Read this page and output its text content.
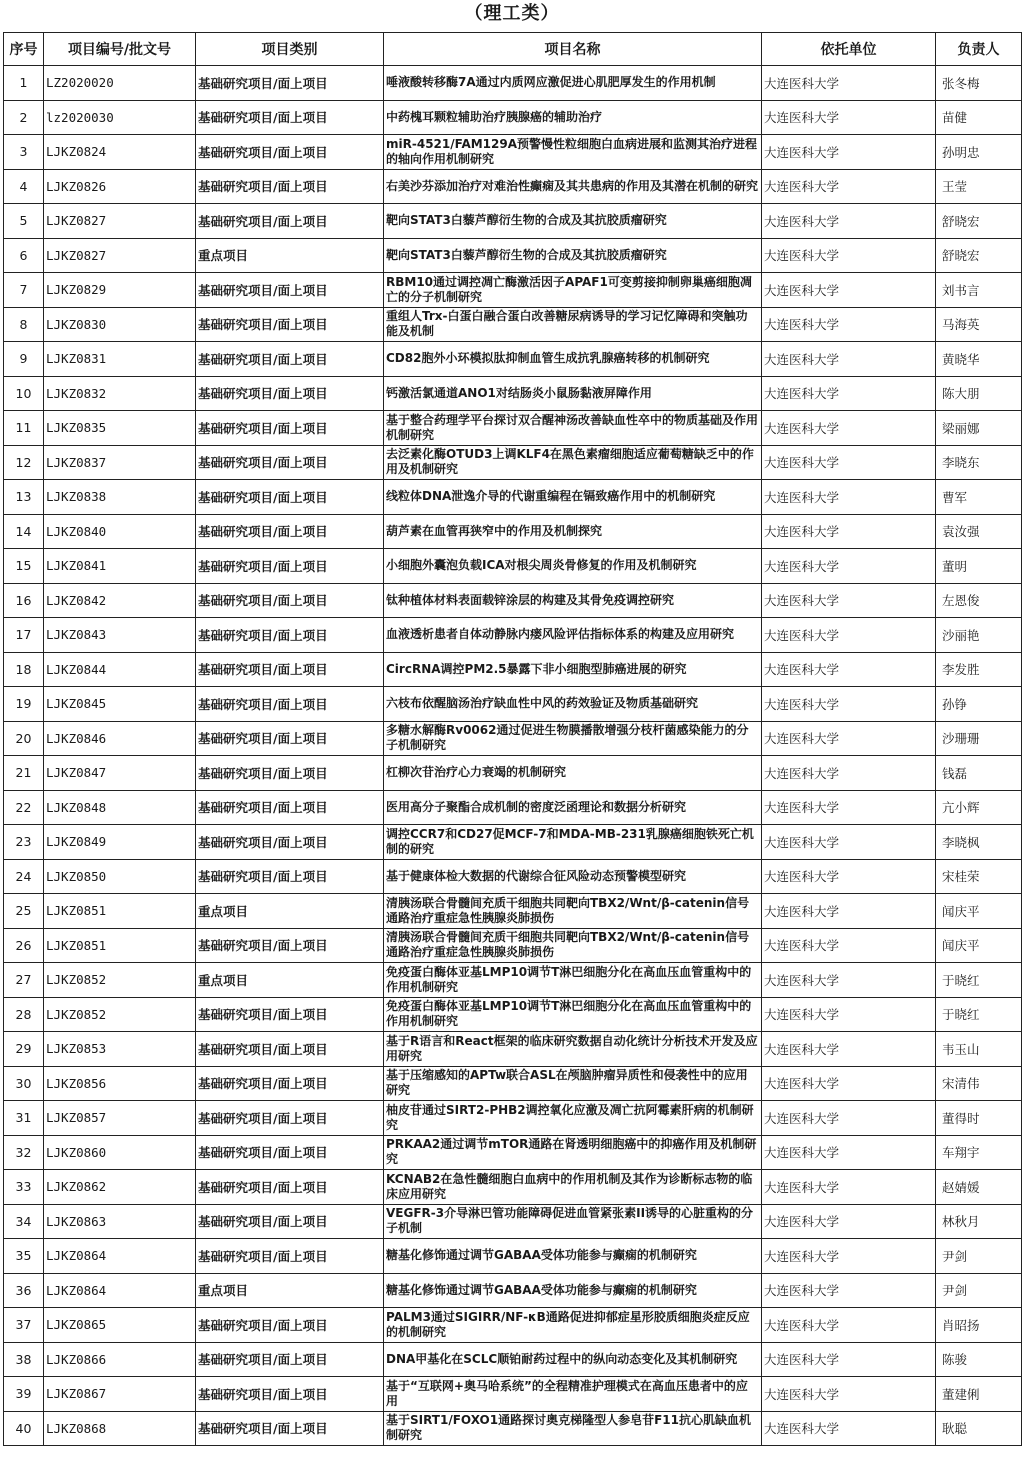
（理工类）
序号	项目编号/批文号	项目类别	项目名称	依托单位	负责人
1	LZ2020020	基础研究项目/面上项目	唾液酸转移酶7A通过内质网应激促进心肌肥厚发生的作用机制	大连医科大学	张冬梅
2	lz2020030	基础研究项目/面上项目	中药槐耳颗粒辅助治疗胰腺癌的辅助治疗	大连医科大学	苗健
3	LJKZ0824	基础研究项目/面上项目	miR-4521/FAM129A预警慢性粒细胞白血病进展和监测其治疗进程的轴向作用机制研究	大连医科大学	孙明忠
4	LJKZ0826	基础研究项目/面上项目	右美沙芬添加治疗对难治性癫痫及其共患病的作用及其潜在机制的研究	大连医科大学	王莹
5	LJKZ0827	基础研究项目/面上项目	靶向STAT3白藜芦醇衍生物的合成及其抗胶质瘤研究	大连医科大学	舒晓宏
6	LJKZ0827	重点项目	靶向STAT3白藜芦醇衍生物的合成及其抗胶质瘤研究	大连医科大学	舒晓宏
7	LJKZ0829	基础研究项目/面上项目	RBM10通过调控凋亡酶激活因子APAF1可变剪接抑制卵巢癌细胞凋亡的分子机制研究	大连医科大学	刘书言
8	LJKZ0830	基础研究项目/面上项目	重组人Trx-白蛋白融合蛋白改善糖尿病诱导的学习记忆障碍和突触功能及机制	大连医科大学	马海英
9	LJKZ0831	基础研究项目/面上项目	CD82胞外小环模拟肽抑制血管生成抗乳腺癌转移的机制研究	大连医科大学	黄晓华
10	LJKZ0832	基础研究项目/面上项目	钙激活氯通道ANO1对结肠炎小鼠肠黏液屏障作用	大连医科大学	陈大朋
11	LJKZ0835	基础研究项目/面上项目	基于整合药理学平台探讨双合醒神汤改善缺血性卒中的物质基础及作用机制研究	大连医科大学	梁丽娜
12	LJKZ0837	基础研究项目/面上项目	去泛素化酶OTUD3上调KLF4在黑色素瘤细胞适应葡萄糖缺乏中的作用及机制研究	大连医科大学	李晓东
13	LJKZ0838	基础研究项目/面上项目	线粒体DNA泄逸介导的代谢重编程在镉致癌作用中的机制研究	大连医科大学	曹军
14	LJKZ0840	基础研究项目/面上项目	葫芦素在血管再狭窄中的作用及机制探究	大连医科大学	袁汝强
15	LJKZ0841	基础研究项目/面上项目	小细胞外囊泡负载ICA对根尖周炎骨修复的作用及机制研究	大连医科大学	董明
16	LJKZ0842	基础研究项目/面上项目	钛种植体材料表面载锌涂层的构建及其骨免疫调控研究	大连医科大学	左恩俊
17	LJKZ0843	基础研究项目/面上项目	血液透析患者自体动静脉内瘘风险评估指标体系的构建及应用研究	大连医科大学	沙丽艳
18	LJKZ0844	基础研究项目/面上项目	CircRNA调控PM2.5暴露下非小细胞型肺癌进展的研究	大连医科大学	李发胜
19	LJKZ0845	基础研究项目/面上项目	六枝布依醒脑汤治疗缺血性中风的药效验证及物质基础研究	大连医科大学	孙铮
20	LJKZ0846	基础研究项目/面上项目	多糖水解酶Rv0062通过促进生物膜播散增强分枝杆菌感染能力的分子机制研究	大连医科大学	沙珊珊
21	LJKZ0847	基础研究项目/面上项目	杠柳次苷治疗心力衰竭的机制研究	大连医科大学	钱磊
22	LJKZ0848	基础研究项目/面上项目	医用高分子聚酯合成机制的密度泛函理论和数据分析研究	大连医科大学	亢小辉
23	LJKZ0849	基础研究项目/面上项目	调控CCR7和CD27促MCF-7和MDA-MB-231乳腺癌细胞铁死亡机制的研究	大连医科大学	李晓枫
24	LJKZ0850	基础研究项目/面上项目	基于健康体检大数据的代谢综合征风险动态预警模型研究	大连医科大学	宋桂荣
25	LJKZ0851	重点项目	清胰汤联合骨髓间充质干细胞共同靶向TBX2/Wnt/β-catenin信号通路治疗重症急性胰腺炎肺损伤	大连医科大学	闻庆平
26	LJKZ0851	基础研究项目/面上项目	清胰汤联合骨髓间充质干细胞共同靶向TBX2/Wnt/β-catenin信号通路治疗重症急性胰腺炎肺损伤	大连医科大学	闻庆平
27	LJKZ0852	重点项目	免疫蛋白酶体亚基LMP10调节T淋巴细胞分化在高血压血管重构中的作用机制研究	大连医科大学	于晓红
28	LJKZ0852	基础研究项目/面上项目	免疫蛋白酶体亚基LMP10调节T淋巴细胞分化在高血压血管重构中的作用机制研究	大连医科大学	于晓红
29	LJKZ0853	基础研究项目/面上项目	基于R语言和React框架的临床研究数据自动化统计分析技术开发及应用研究	大连医科大学	韦玉山
30	LJKZ0856	基础研究项目/面上项目	基于压缩感知的APTw联合ASL在颅脑肿瘤异质性和侵袭性中的应用研究	大连医科大学	宋清伟
31	LJKZ0857	基础研究项目/面上项目	柚皮苷通过SIRT2-PHB2调控氧化应激及凋亡抗阿霉素肝病的机制研究	大连医科大学	董得时
32	LJKZ0860	基础研究项目/面上项目	PRKAA2通过调节mTOR通路在肾透明细胞癌中的抑癌作用及机制研究	大连医科大学	车翔宇
33	LJKZ0862	基础研究项目/面上项目	KCNAB2在急性髓细胞白血病中的作用机制及其作为诊断标志物的临床应用研究	大连医科大学	赵婧媛
34	LJKZ0863	基础研究项目/面上项目	VEGFR-3介导淋巴管功能障碍促进血管紧张素II诱导的心脏重构的分子机制	大连医科大学	林秋月
35	LJKZ0864	基础研究项目/面上项目	糖基化修饰通过调节GABAA受体功能参与癫痫的机制研究	大连医科大学	尹剑
36	LJKZ0864	重点项目	糖基化修饰通过调节GABAA受体功能参与癫痫的机制研究	大连医科大学	尹剑
37	LJKZ0865	基础研究项目/面上项目	PALM3通过SIGIRR/NF-κB通路促进抑郁症星形胶质细胞炎症反应的机制研究	大连医科大学	肖昭扬
38	LJKZ0866	基础研究项目/面上项目	DNA甲基化在SCLC顺铂耐药过程中的纵向动态变化及其机制研究	大连医科大学	陈骏
39	LJKZ0867	基础研究项目/面上项目	基于“互联网+奥马哈系统”的全程精准护理模式在高血压患者中的应用	大连医科大学	董建俐
40	LJKZ0868	基础研究项目/面上项目	基于SIRT1/FOXO1通路探讨奥克梯隆型人参皂苷F11抗心肌缺血机制研究	大连医科大学	耿聪
